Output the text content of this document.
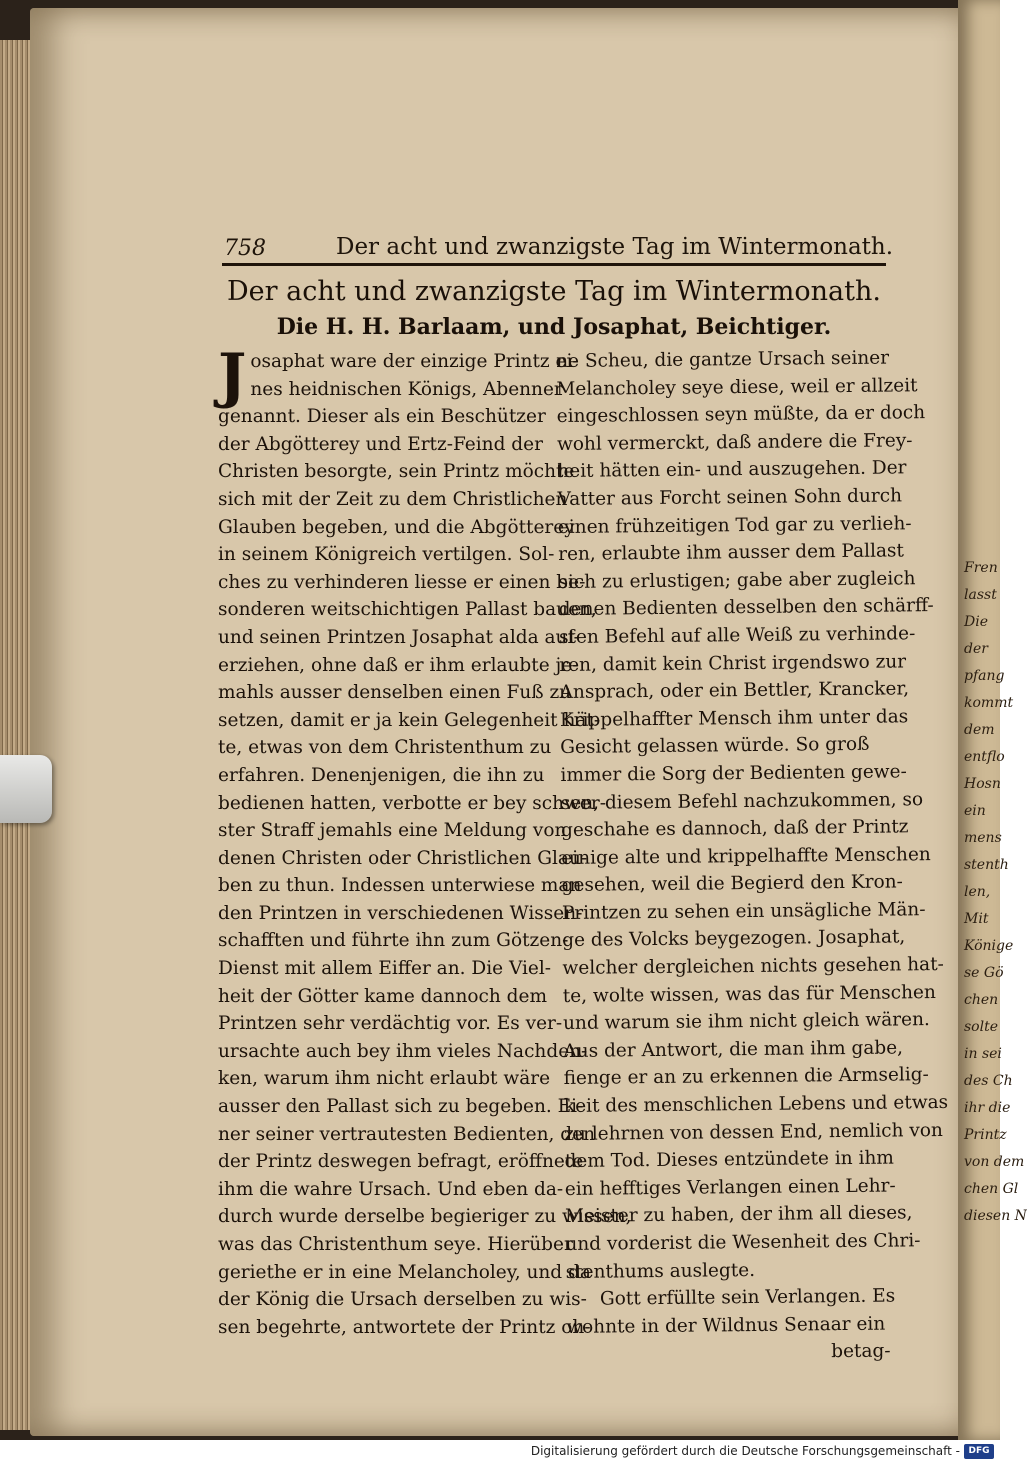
Fren
lasst
Die
der
pfang
kommt
dem
entflo
Hosn
ein
mens
stenth
len,
Mit
Könige
se Gö
chen
solte
in sei
des Ch
ihr die
Printz
von dem
chen Gl
diesen N
758	Der acht und zwanzigste Tag im Wintermonath.
Der acht und zwanzigste Tag im Wintermonath.
Die H. H. Barlaam, und Josaphat, Beichtiger.
J osaphat ware der einzige Printz ei-
nes heidnischen Königs, Abenner
genannt. Dieser als ein Beschützer
der Abgötterey und Ertz-Feind der
Christen besorgte, sein Printz möchte
sich mit der Zeit zu dem Christlichen
Glauben begeben, und die Abgötterey
in seinem Königreich vertilgen. Sol-
ches zu verhinderen liesse er einen be-
sonderen weitschichtigen Pallast bauen,
und seinen Printzen Josaphat alda auf-
erziehen, ohne daß er ihm erlaubte je-
mahls ausser denselben einen Fuß zu
setzen, damit er ja kein Gelegenheit hät-
te, etwas von dem Christenthum zu
erfahren. Denenjenigen, die ihn zu
bedienen hatten, verbotte er bey schwer-
ster Straff jemahls eine Meldung von
denen Christen oder Christlichen Glau-
ben zu thun. Indessen unterwiese man
den Printzen in verschiedenen Wissen-
schafften und führte ihn zum Götzen-
Dienst mit allem Eiffer an. Die Viel-
heit der Götter kame dannoch dem
Printzen sehr verdächtig vor. Es ver-
ursachte auch bey ihm vieles Nachden-
ken, warum ihm nicht erlaubt wäre
ausser den Pallast sich zu begeben. Ei-
ner seiner vertrautesten Bedienten, den
der Printz deswegen befragt, eröffnete
ihm die wahre Ursach. Und eben da-
durch wurde derselbe begieriger zu wissen,
was das Christenthum seye. Hierüber
geriethe er in eine Melancholey, und da
der König die Ursach derselben zu wis-
sen begehrte, antwortete der Printz oh-
ne Scheu, die gantze Ursach seiner
Melancholey seye diese, weil er allzeit
eingeschlossen seyn müßte, da er doch
wohl vermerckt, daß andere die Frey-
heit hätten ein- und auszugehen. Der
Vatter aus Forcht seinen Sohn durch
einen frühzeitigen Tod gar zu verlieh-
ren, erlaubte ihm ausser dem Pallast
sich zu erlustigen; gabe aber zugleich
denen Bedienten desselben den schärff-
sten Befehl auf alle Weiß zu verhinde-
ren, damit kein Christ irgendswo zur
Ansprach, oder ein Bettler, Krancker,
Krippelhaffter Mensch ihm unter das
Gesicht gelassen würde. So groß
immer die Sorg der Bedienten gewe-
sen, diesem Befehl nachzukommen, so
geschahe es dannoch, daß der Printz
einige alte und krippelhaffte Menschen
gesehen, weil die Begierd den Kron-
Printzen zu sehen ein unsägliche Män-
ge des Volcks beygezogen. Josaphat,
welcher dergleichen nichts gesehen hat-
te, wolte wissen, was das für Menschen
und warum sie ihm nicht gleich wären.
Aus der Antwort, die man ihm gabe,
fienge er an zu erkennen die Armselig-
keit des menschlichen Lebens und etwas
zu lehrnen von dessen End, nemlich von
dem Tod. Dieses entzündete in ihm
ein hefftiges Verlangen einen Lehr-
Meister zu haben, der ihm all dieses,
und vorderist die Wesenheit des Chri-
stenthums auslegte.
Gott erfüllte sein Verlangen. Es
wohnte in der Wildnus Senaar ein
betag-
Digitalisierung gefördert durch die Deutsche Forschungsgemeinschaft - DFG
